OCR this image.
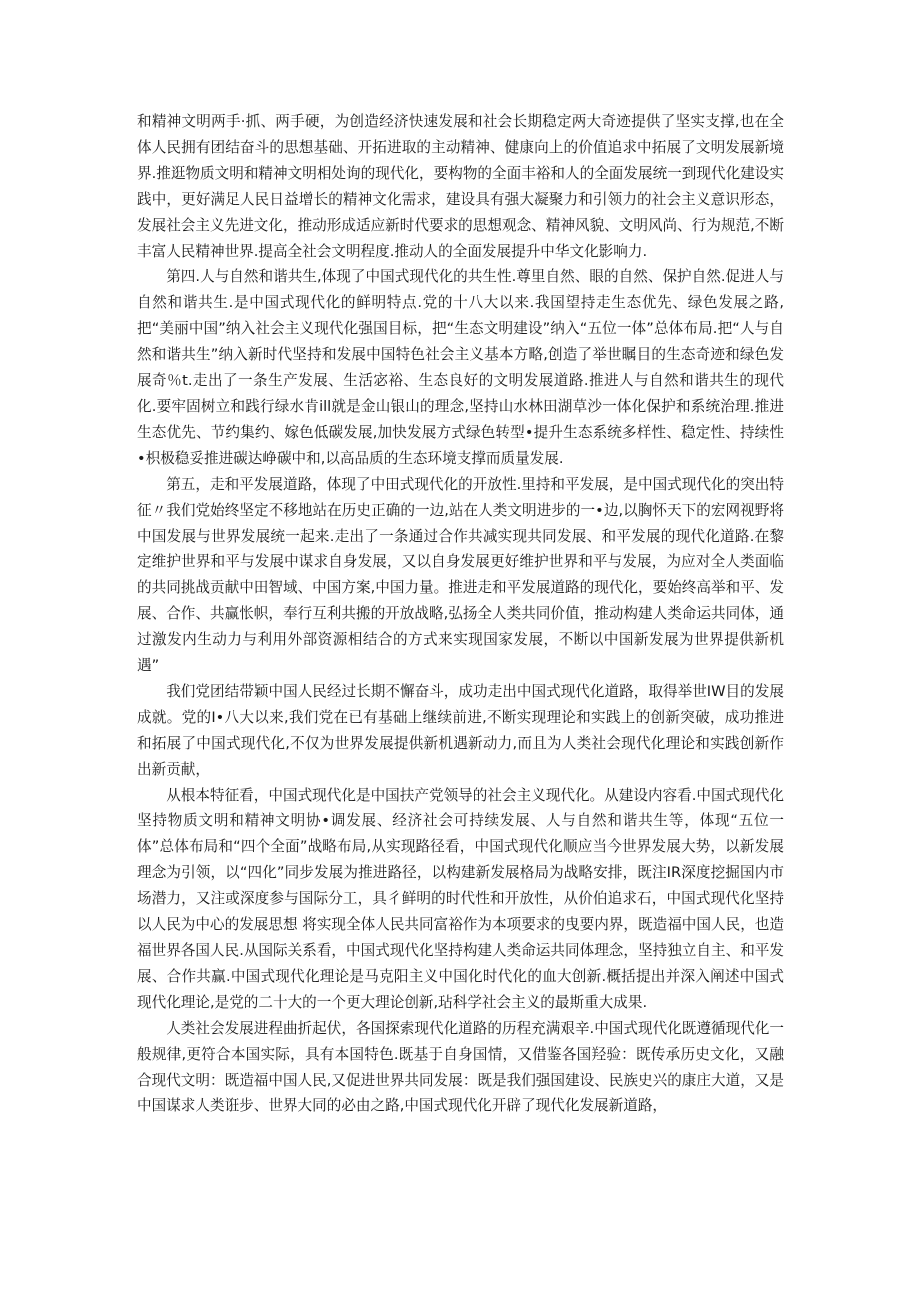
和精神文明两手·抓、两手硬，为创造经济快速发展和社会长期稳定两大奇迹提供了坚实支撑,也在全体人民拥有团结奋斗的思想基础、开拓进取的主动精神、健康向上的价值追求中拓展了文明发展新境界.推逛物质文明和精神文明相处询的现代化，要构物的全面丰裕和人的全面发展统一到现代化建设实践中，更好满足人民日益增长的精神文化需求，建设具有强大凝聚力和引领力的社会主义意识形态，发展社会主义先进文化，推动形成适应新时代要求的思想观念、精神风貌、文明风尚、行为规范,不断丰富人民精神世界.提高全社会文明程度.推动人的全面发展提升中华文化影响力.

第四.人与自然和谐共生,体现了中国式现代化的共生性.尊里自然、眼的自然、保护自然.促进人与自然和谐共生.是中国式现代化的鲜明特点.党的十八大以来.我国望持走生态优先、绿色发展之路,把“美丽中国”纳入社会主义现代化强国目标，把“生态文明建设”纳入“五位一体”总体布局.把“人与自然和谐共生”纳入新时代坚持和发展中国特色社会主义基本方略,创造了举世瞩目的生态奇迹和绿色发展奇％t.走出了一条生产发展、生活宓裕、生态良好的文明发展道路.推进人与自然和谐共生的现代化.要牢固树立和践行绿水肯ill就是金山银山的理念,坚持山水林田湖草沙一体化保护和系统治理.推进生态优先、节约集约、嫁色低碳发展,加快发展方式绿色转型•提升生态系统多样性、稳定性、持续性•枳极稳妥推进碳达峥碳中和,以高品质的生态环境支撑而质量发展.

第五，走和平发展道路，体现了中田式现代化的开放性.里持和平发展，是中国式现代化的突出特征〃我们党始终坚定不移地站在历史正确的一边,站在人类文明进步的一•边,以胸怀天下的宏网视野将中国发展与世界发展统一起来.走出了一条通过合作共减实现共同发展、和平发展的现代化道路.在黎定维护世界和平与发展中谋求自身发展，又以自身发展更好维护世界和平与发展，为应对全人类面临的共同挑战贡献中田智域、中国方案,中国力量。推进走和平发展道路的现代化，要始终高举和平、发展、合作、共赢怅帜，奉行互利共搬的开放战略,弘扬全人类共同价值，推动构建人类命运共同体，通过激发内生动力与利用外部资源相结合的方式来实现国家发展，不断以中国新发展为世界提供新机遇”

我们党团结带颖中国人民经过长期不懈奋斗，成功走出中国式现代化道路，取得举世IW目的发展成就。党的I•八大以来,我们党在已有基础上继续前进,不断实现理论和实践上的创新突破，成功推进和拓展了中国式现代化,不仅为世界发展提供新机遇新动力,而且为人类社会现代化理论和实践创新作出新贡献，

从根本特征看，中国式现代化是中国扶产党领导的社会主义现代化。从建设内容看.中国式现代化坚持物质文明和精神文明协•调发展、经济社会可持续发展、人与自然和谐共生等，体现“五位一体”总体布局和“四个全面”战略布局,从实现路径看，中国式现代化顺应当今世界发展大势，以新发展理念为引领，以“四化”同步发展为推进路径，以构建新发展格局为战略安排，既注IR深度挖掘国内市场潜力，又注或深度参与国际分工，具彳鲜明的时代性和开放性，从价伯追求石，中国式现代化坚持以人民为中心的发展思想 将实现全体人民共同富裕作为本项要求的曳要内界，既造福中国人民，也造福世界各国人民.从国际关系看，中国式现代化坚持构建人类命运共同体理念，坚持独立自主、和平发展、合作共赢.中国式现代化理论是马克阳主义中国化时代化的血大创新.概括提出并深入阐述中国式现代化理论,是党的二十大的一个更大理论创新,玷科学社会主义的最斯重大成果.

人类社会发展进程曲折起伏，各国探索现代化道路的历程充满艰辛.中国式现代化既遵循现代化一般规律,更符合本国实际，具有本国特色.既基于自身国情，又借鉴各国羟验：既传承历史文化，又融合现代文明：既造福中国人民,又促进世界共同发展：既是我们强国建设、民族史兴的康庄大道，又是中国谋求人类诳步、世界大同的必由之路,中国式现代化开辟了现代化发展新道路，
